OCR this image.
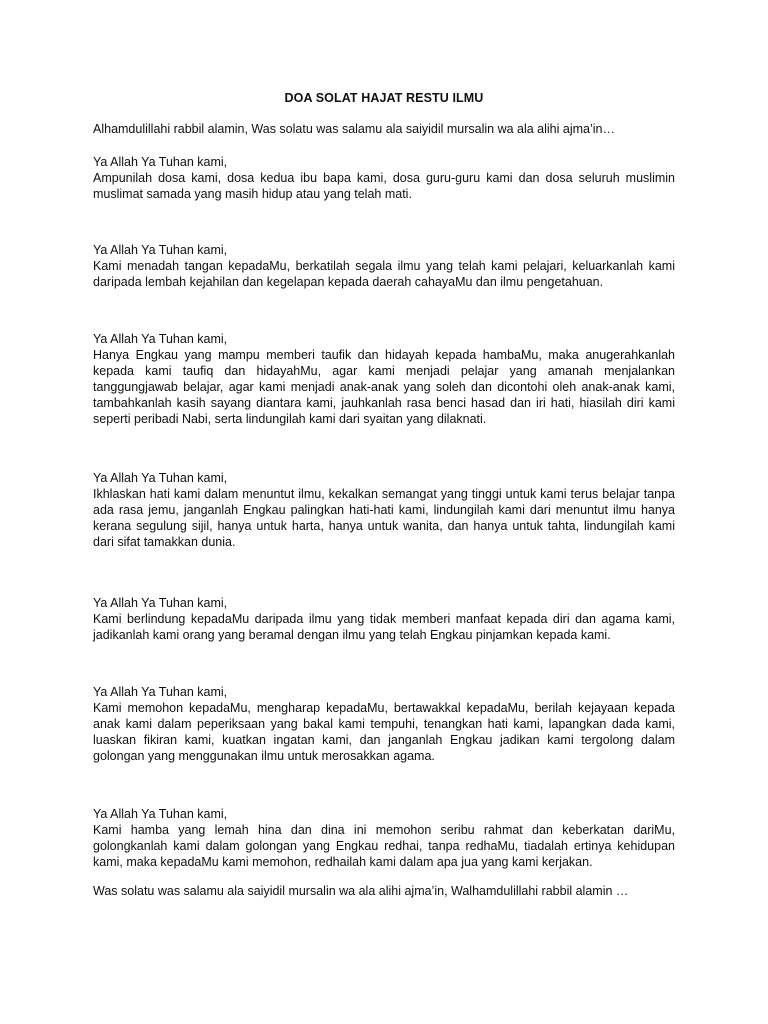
DOA SOLAT HAJAT RESTU ILMU

Alhamdulillahi rabbil alamin, Was solatu was salamu ala saiyidil mursalin wa ala alihi ajma’in…

Ya Allah Ya Tuhan kami,
Ampunilah dosa kami, dosa kedua ibu bapa kami, dosa guru-guru kami dan dosa seluruh muslimin muslimat samada yang masih hidup atau yang telah mati.
Ya Allah Ya Tuhan kami,
Kami menadah tangan kepadaMu, berkatilah segala ilmu yang telah kami pelajari, keluarkanlah kami daripada lembah kejahilan dan kegelapan kepada daerah cahayaMu dan ilmu pengetahuan.
Ya Allah Ya Tuhan kami,
Hanya Engkau yang mampu memberi taufik dan hidayah kepada hambaMu, maka anugerahkanlah kepada kami taufiq dan hidayahMu, agar kami menjadi pelajar yang amanah menjalankan tanggungjawab belajar, agar kami menjadi anak-anak yang soleh dan dicontohi oleh anak-anak kami, tambahkanlah kasih sayang diantara kami, jauhkanlah rasa benci hasad dan iri hati, hiasilah diri kami seperti peribadi Nabi, serta lindungilah kami dari syaitan yang dilaknati.
Ya Allah Ya Tuhan kami,
Ikhlaskan hati kami dalam menuntut ilmu, kekalkan semangat yang tinggi untuk kami terus belajar tanpa ada rasa jemu, janganlah Engkau palingkan hati-hati kami, lindungilah kami dari menuntut ilmu hanya kerana segulung sijil, hanya untuk harta, hanya untuk wanita, dan hanya untuk tahta, lindungilah kami dari sifat tamakkan dunia.
Ya Allah Ya Tuhan kami,
Kami berlindung kepadaMu daripada ilmu yang tidak memberi manfaat kepada diri dan agama kami, jadikanlah kami orang yang beramal dengan ilmu yang telah Engkau pinjamkan kepada kami.
Ya Allah Ya Tuhan kami,
Kami memohon kepadaMu, mengharap kepadaMu, bertawakkal kepadaMu, berilah kejayaan kepada anak kami dalam peperiksaan yang bakal kami tempuhi, tenangkan hati kami, lapangkan dada kami, luaskan fikiran kami, kuatkan ingatan kami, dan janganlah Engkau jadikan kami tergolong dalam golongan yang menggunakan ilmu untuk merosakkan agama.
Ya Allah Ya Tuhan kami,
Kami hamba yang lemah hina dan dina ini memohon seribu rahmat dan keberkatan dariMu, golongkanlah kami dalam golongan yang Engkau redhai, tanpa redhaMu, tiadalah ertinya kehidupan kami, maka kepadaMu kami memohon, redhailah kami dalam apa jua yang kami kerjakan.

Was solatu was salamu ala saiyidil mursalin wa ala alihi ajma’in, Walhamdulillahi rabbil alamin …
